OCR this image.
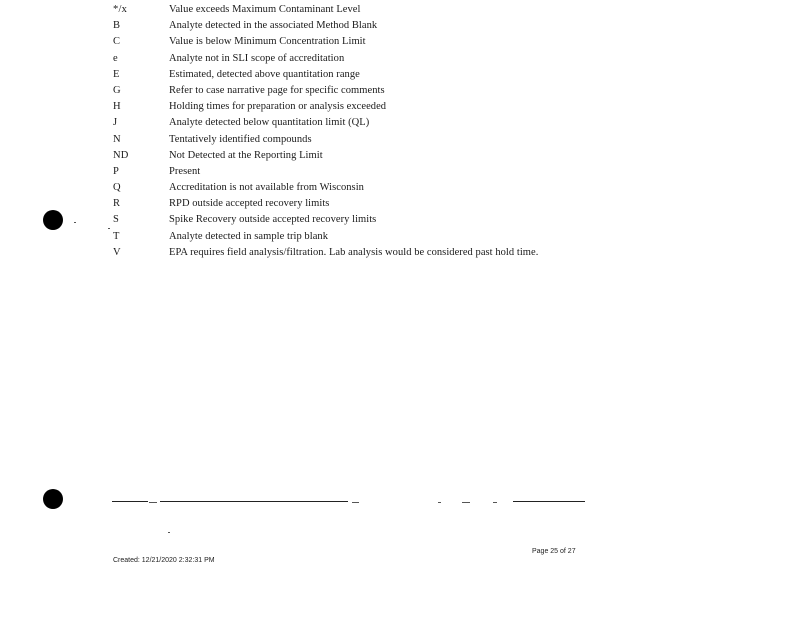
*/x	Value exceeds Maximum Contaminant Level
B	Analyte detected in the associated Method Blank
C	Value is below Minimum Concentration Limit
e	Analyte not in SLI scope of accreditation
E	Estimated, detected above quantitation range
G	Refer to case narrative page for specific comments
H	Holding times for preparation or analysis exceeded
J	Analyte detected below quantitation limit (QL)
N	Tentatively identified compounds
ND	Not Detected at the Reporting Limit
P	Present
Q	Accreditation is not available from Wisconsin
R	RPD outside accepted recovery limits
S	Spike Recovery outside accepted recovery limits
T	Analyte detected in sample trip blank
V	EPA requires field analysis/filtration. Lab analysis would be considered past hold time.
Page 25 of 27
Created: 12/21/2020 2:32:31 PM
